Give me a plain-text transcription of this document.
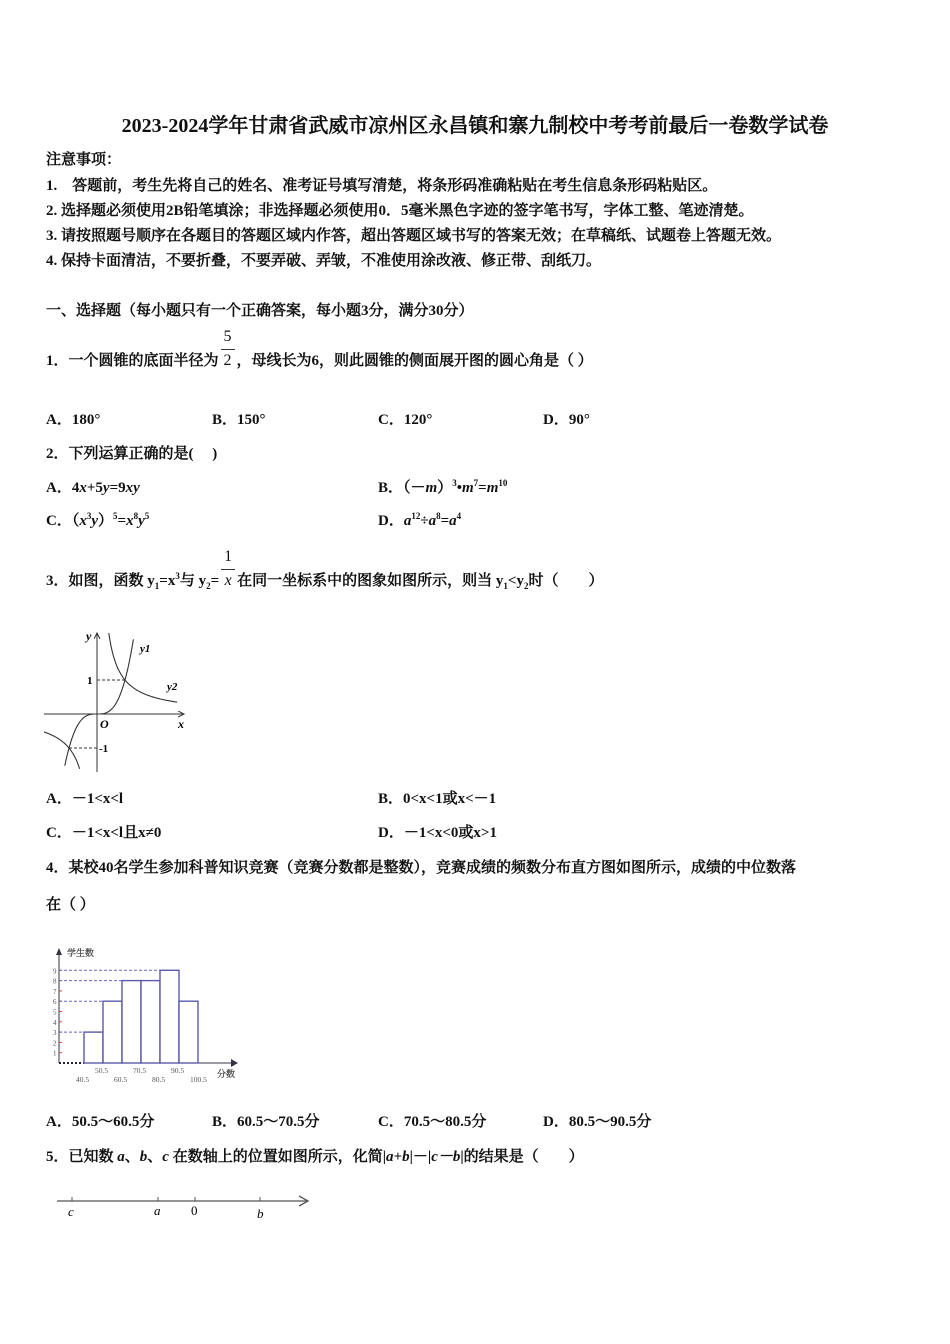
2023-2024学年甘肃省武威市凉州区永昌镇和寨九制校中考考前最后一卷数学试卷
注意事项：
1.　答题前，考生先将自己的姓名、准考证号填写清楚，将条形码准确粘贴在考生信息条形码粘贴区。
2. 选择题必须使用2B铅笔填涂；非选择题必须使用0．5毫米黑色字迹的签字笔书写，字体工整、笔迹清楚。
3. 请按照题号顺序在各题目的答题区域内作答，超出答题区域书写的答案无效；在草稿纸、试题卷上答题无效。
4. 保持卡面清洁，不要折叠，不要弄破、弄皱，不准使用涂改液、修正带、刮纸刀。
一、选择题（每小题只有一个正确答案，每小题3分，满分30分）
1．一个圆锥的底面半径为 $\frac{5}{2}$ ，母线长为6，则此圆锥的侧面展开图的圆心角是（ ）
A．180°	B．150°	C．120°	D．90°
2．下列运算正确的是(　 )
A．4x+5y=9xy	B．$(-m)^3•m^7=m^{10}$
C．$(x^3y)^5=x^8y^5$	D．$a^{12}\div a^8=a^4$
3．如图，函数 $y_1=x^3$与 $y_2= \frac{1}{x}$ 在同一坐标系中的图象如图所示，则当 $y_1<y_2$时（　　）
y
x
O
y1
y2
1
-1
A．－1<x<l	B．0<x<1或x<－1
C．－1<x<l且x≠0	D．－1<x<0或x>1
4．某校40名学生参加科普知识竞赛（竞赛分数都是整数），竞赛成绩的频数分布直方图如图所示，成绩的中位数落
在（ ）
学生数
分数
1
2
3
4
5
6
7
8
9
40.5
50.5
60.5
70.5
80.5
90.5
100.5
A．50.5～60.5分	B．60.5～70.5分	C．70.5～80.5分	D．80.5～90.5分
5．已知数 a、b、c 在数轴上的位置如图所示，化简|a+b|－|c－b|的结果是（　　）
c	a 0	b
